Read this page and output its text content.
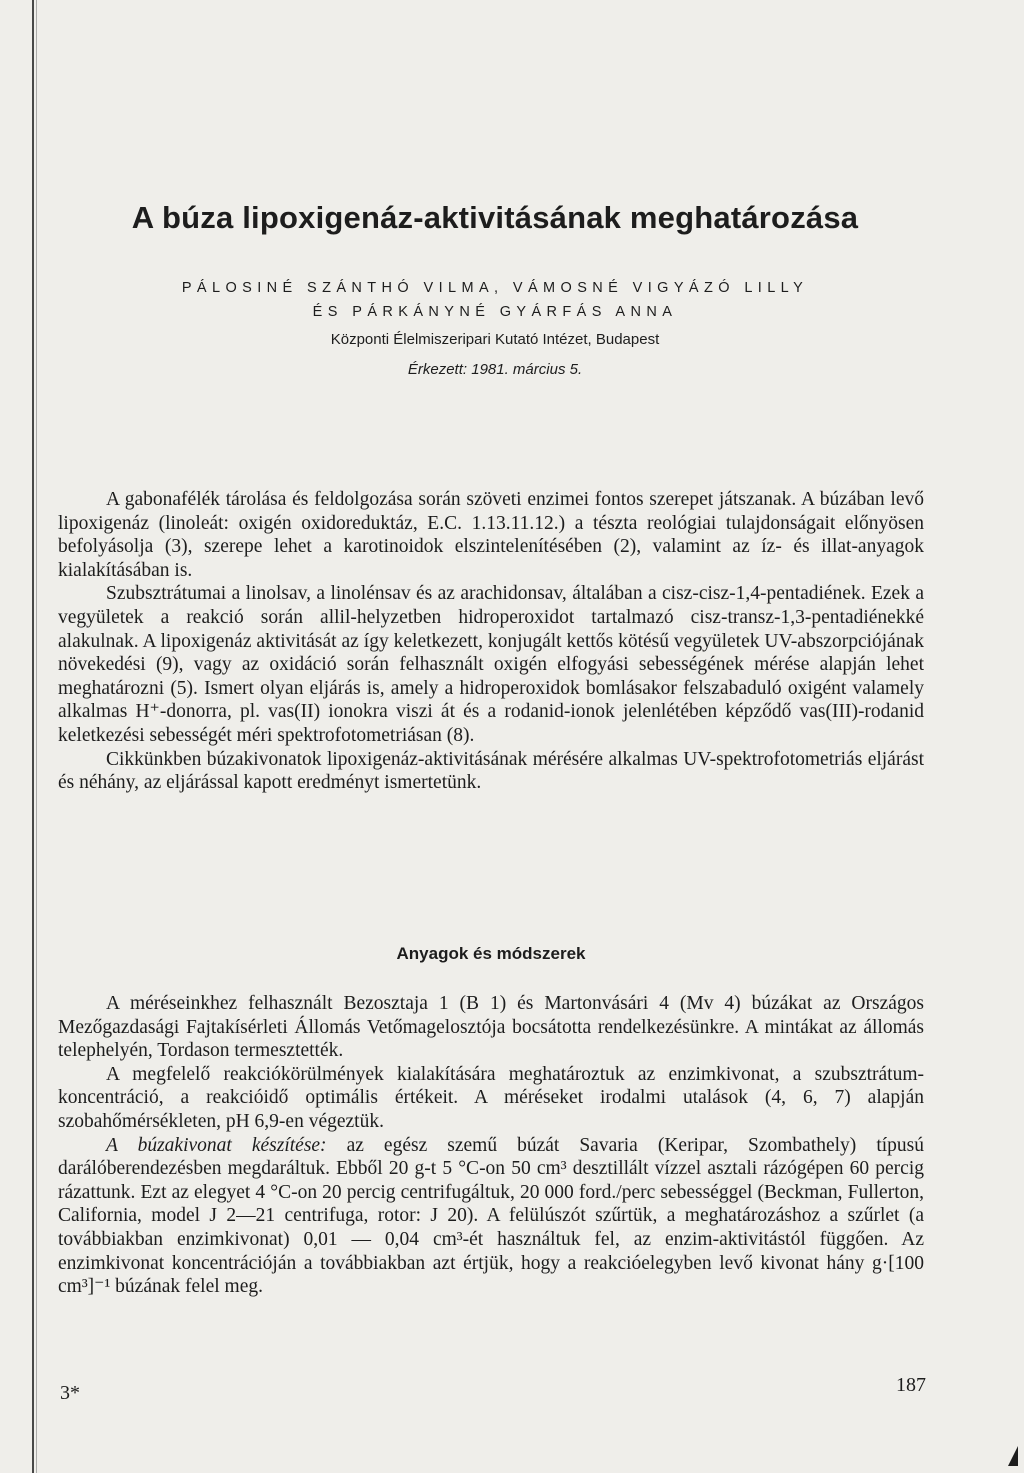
A búza lipoxigenáz-aktivitásának meghatározása
PÁLOSINÉ SZÁNTHÓ VILMA, VÁMOSNÉ VIGYÁZÓ LILLY
ÉS PÁRKÁNYNÉ GYÁRFÁS ANNA
Központi Élelmiszeripari Kutató Intézet, Budapest
Érkezett: 1981. március 5.

A gabonafélék tárolása és feldolgozása során szöveti enzimei fontos szerepet játszanak. A búzában levő lipoxigenáz (linoleát: oxigén oxidoreduktáz, E.C. 1.13.11.12.) a tészta reológiai tulajdonságait előnyösen befolyásolja (3), szerepe lehet a karotinoidok elszintelenítésében (2), valamint az íz- és illat-anyagok kialakításában is.

Szubsztrátumai a linolsav, a linolénsav és az arachidonsav, általában a cisz-cisz-1,4-pentadiének. Ezek a vegyületek a reakció során allil-helyzetben hidroperoxidot tartalmazó cisz-transz-1,3-pentadiénekké alakulnak. A lipoxigenáz aktivitását az így keletkezett, konjugált kettős kötésű vegyületek UV-abszorpciójának növekedési (9), vagy az oxidáció során felhasznált oxigén elfogyási sebességének mérése alapján lehet meghatározni (5). Ismert olyan eljárás is, amely a hidroperoxidok bomlásakor felszabaduló oxigént valamely alkalmas H⁺-donorra, pl. vas(II) ionokra viszi át és a rodanid-ionok jelenlétében képződő vas(III)-rodanid keletkezési sebességét méri spektrofotometriásan (8).

Cikkünkben búzakivonatok lipoxigenáz-aktivitásának mérésére alkalmas UV-spektrofotometriás eljárást és néhány, az eljárással kapott eredményt ismertetünk.

Anyagok és módszerek

A méréseinkhez felhasznált Bezosztaja 1 (B 1) és Martonvásári 4 (Mv 4) búzákat az Országos Mezőgazdasági Fajtakísérleti Állomás Vetőmagelosztója bocsátotta rendelkezésünkre. A mintákat az állomás telephelyén, Tordason termesztették.

A megfelelő reakciókörülmények kialakítására meghatároztuk az enzimkivonat, a szubsztrátum-koncentráció, a reakcióidő optimális értékeit. A méréseket irodalmi utalások (4, 6, 7) alapján szobahőmérsékleten, pH 6,9-en végeztük.

A búzakivonat készítése: az egész szemű búzát Savaria (Keripar, Szombathely) típusú darálóberendezésben megdaráltuk. Ebből 20 g-t 5 °C-on 50 cm³ desztillált vízzel asztali rázógépen 60 percig rázattunk. Ezt az elegyet 4 °C-on 20 percig centrifugáltuk, 20 000 ford./perc sebességgel (Beckman, Fullerton, California, model J 2—21 centrifuga, rotor: J 20). A felülúszót szűrtük, a meghatározáshoz a szűrlet (a továbbiakban enzimkivonat) 0,01 — 0,04 cm³-ét használtuk fel, az enzim-aktivitástól függően. Az enzimkivonat koncentrációján a továbbiakban azt értjük, hogy a reakcióelegyben levő kivonat hány g·[100 cm³]⁻¹ búzának felel meg.

3*	187
